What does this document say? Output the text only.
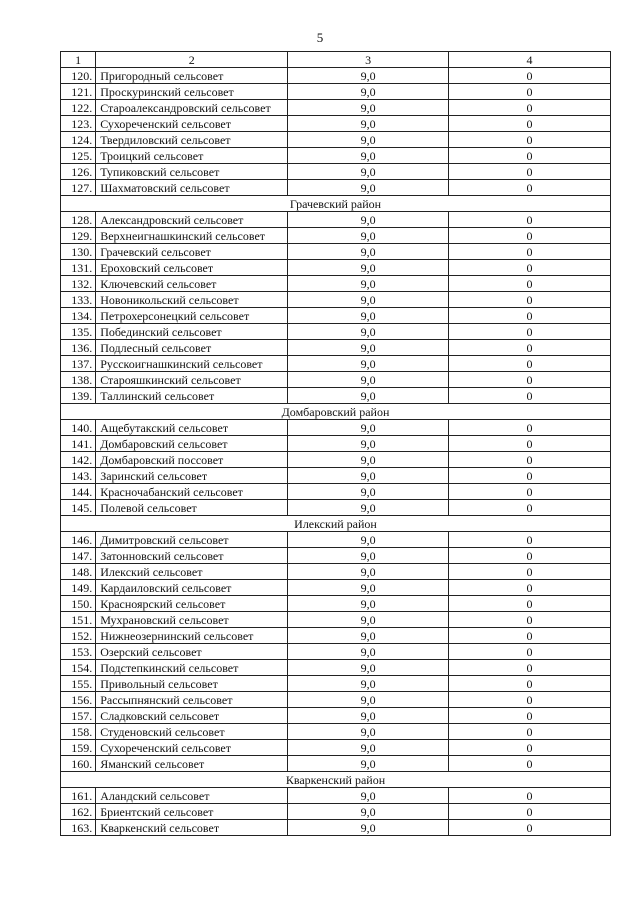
5
1	2	3	4
120.	Пригородный сельсовет	9,0	0
121.	Проскуринский сельсовет	9,0	0
122.	Староалександровский сельсовет	9,0	0
123.	Сухореченский сельсовет	9,0	0
124.	Твердиловский сельсовет	9,0	0
125.	Троицкий сельсовет	9,0	0
126.	Тупиковский сельсовет	9,0	0
127.	Шахматовский сельсовет	9,0	0
Грачевский район			
128.	Александровский сельсовет	9,0	0
129.	Верхнеигнашкинский сельсовет	9,0	0
130.	Грачевский сельсовет	9,0	0
131.	Ероховский сельсовет	9,0	0
132.	Ключевский сельсовет	9,0	0
133.	Новоникольский сельсовет	9,0	0
134.	Петрохерсонецкий сельсовет	9,0	0
135.	Побединский сельсовет	9,0	0
136.	Подлесный сельсовет	9,0	0
137.	Русскоигнашкинский сельсовет	9,0	0
138.	Старояшкинский сельсовет	9,0	0
139.	Таллинский сельсовет	9,0	0
Домбаровский район			
140.	Ащебутакский сельсовет	9,0	0
141.	Домбаровский сельсовет	9,0	0
142.	Домбаровский поссовет	9,0	0
143.	Заринский сельсовет	9,0	0
144.	Красночабанский сельсовет	9,0	0
145.	Полевой сельсовет	9,0	0
Илекский район			
146.	Димитровский сельсовет	9,0	0
147.	Затонновский сельсовет	9,0	0
148.	Илекский сельсовет	9,0	0
149.	Кардаиловский сельсовет	9,0	0
150.	Красноярский сельсовет	9,0	0
151.	Мухрановский сельсовет	9,0	0
152.	Нижнеозернинский сельсовет	9,0	0
153.	Озерский сельсовет	9,0	0
154.	Подстепкинский сельсовет	9,0	0
155.	Привольный сельсовет	9,0	0
156.	Рассыпнянский сельсовет	9,0	0
157.	Сладковский сельсовет	9,0	0
158.	Студеновский сельсовет	9,0	0
159.	Сухореченский сельсовет	9,0	0
160.	Яманский сельсовет	9,0	0
Кваркенский район			
161.	Аландский сельсовет	9,0	0
162.	Бриентский сельсовет	9,0	0
163.	Кваркенский сельсовет	9,0	0
